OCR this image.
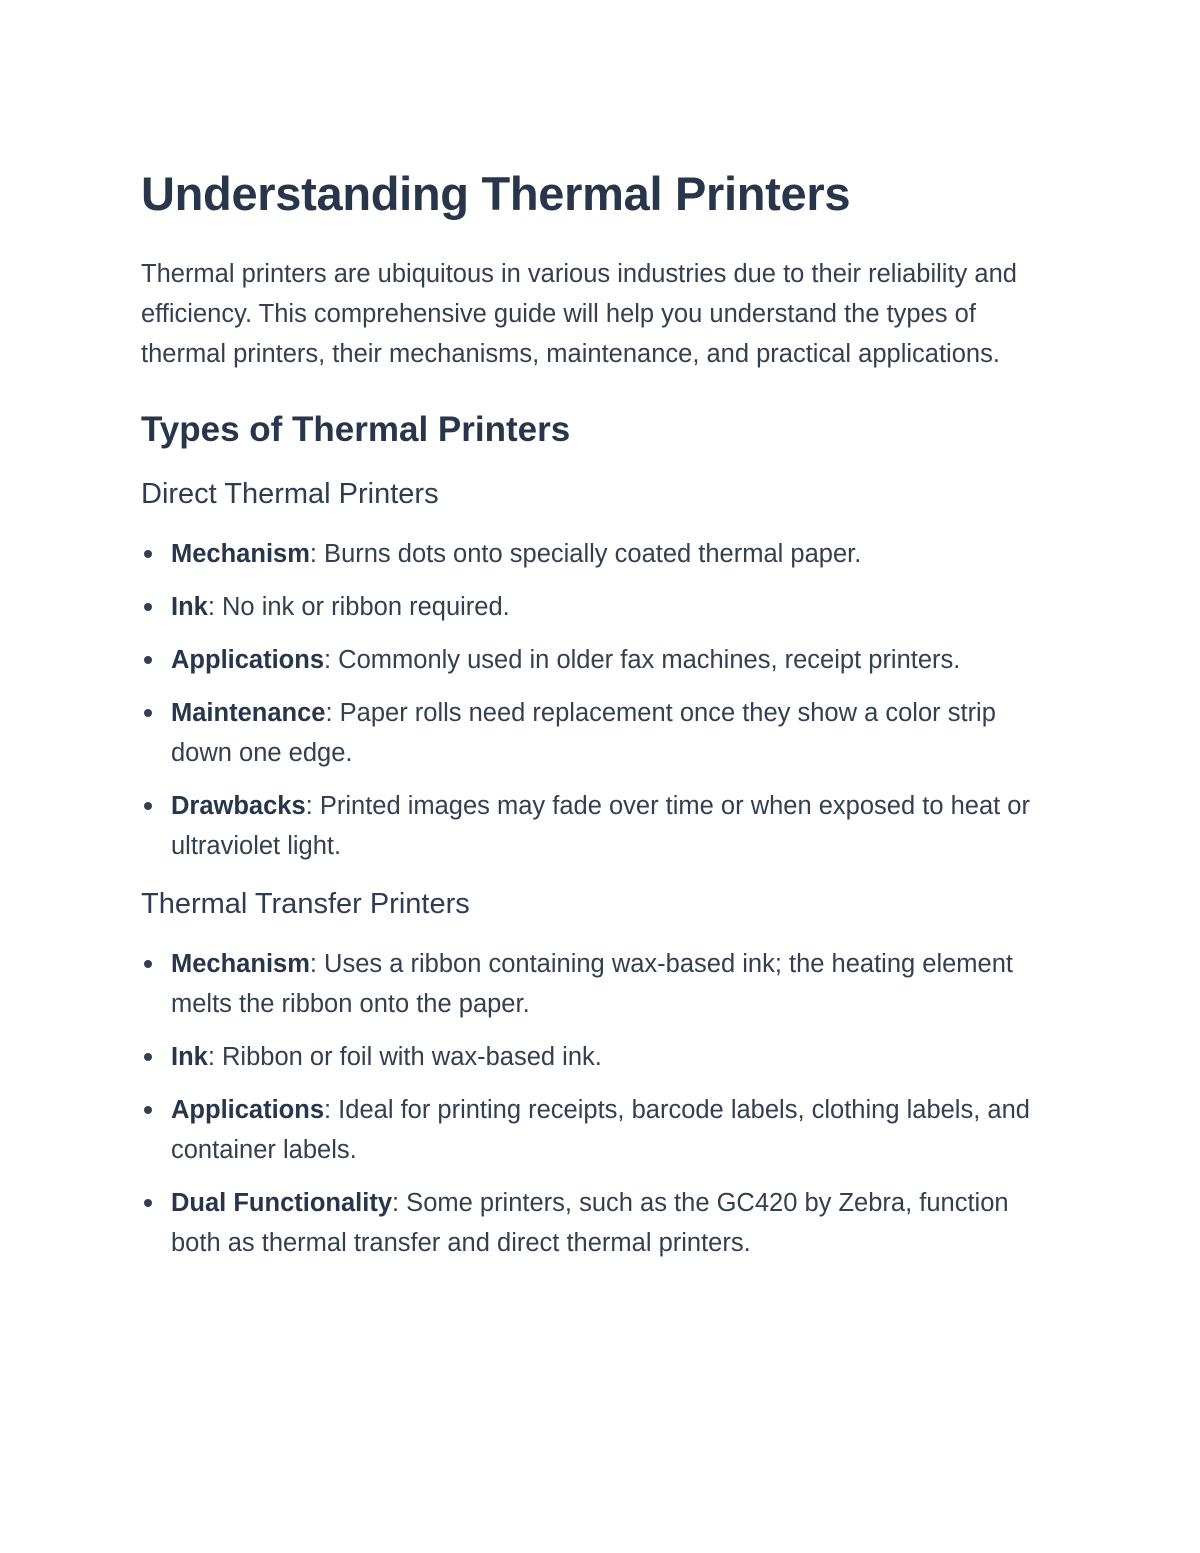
Understanding Thermal Printers

Thermal printers are ubiquitous in various industries due to their reliability and efficiency. This comprehensive guide will help you understand the types of thermal printers, their mechanisms, maintenance, and practical applications.

Types of Thermal Printers
Direct Thermal Printers
Mechanism: Burns dots onto specially coated thermal paper.
Ink: No ink or ribbon required.
Applications: Commonly used in older fax machines, receipt printers.
Maintenance: Paper rolls need replacement once they show a color strip down one edge.
Drawbacks: Printed images may fade over time or when exposed to heat or ultraviolet light.
Thermal Transfer Printers
Mechanism: Uses a ribbon containing wax-based ink; the heating element melts the ribbon onto the paper.
Ink: Ribbon or foil with wax-based ink.
Applications: Ideal for printing receipts, barcode labels, clothing labels, and container labels.
Dual Functionality: Some printers, such as the GC420 by Zebra, function both as thermal transfer and direct thermal printers.
